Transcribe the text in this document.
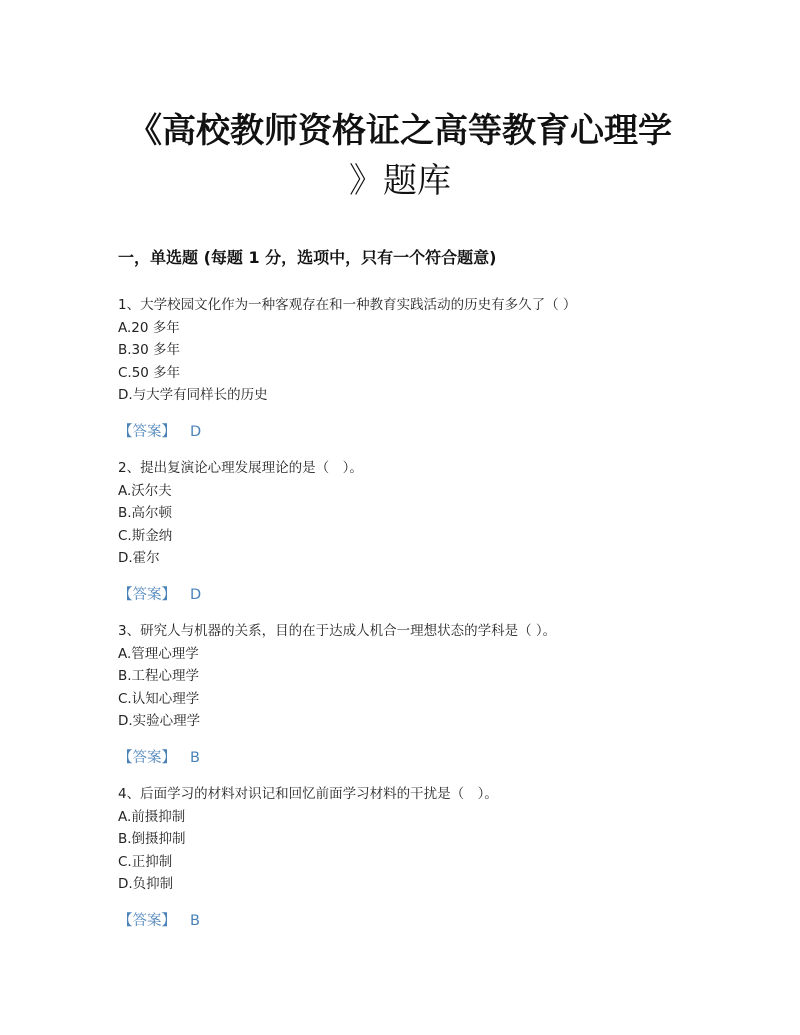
《高校教师资格证之高等教育心理学
》题库
一，单选题 (每题 1 分，选项中，只有一个符合题意)
1、大学校园文化作为一种客观存在和一种教育实践活动的历史有多久了（ ）
A.20 多年
B.30 多年
C.50 多年
D.与大学有同样长的历史
【答案】 D
2、提出复演论心理发展理论的是（　）。
A.沃尔夫
B.高尔顿
C.斯金纳
D.霍尔
【答案】 D
3、研究人与机器的关系，目的在于达成人机合一理想状态的学科是（ ）。
A.管理心理学
B.工程心理学
C.认知心理学
D.实验心理学
【答案】 B
4、后面学习的材料对识记和回忆前面学习材料的干扰是（　）。
A.前摄抑制
B.倒摄抑制
C.正抑制
D.负抑制
【答案】 B
